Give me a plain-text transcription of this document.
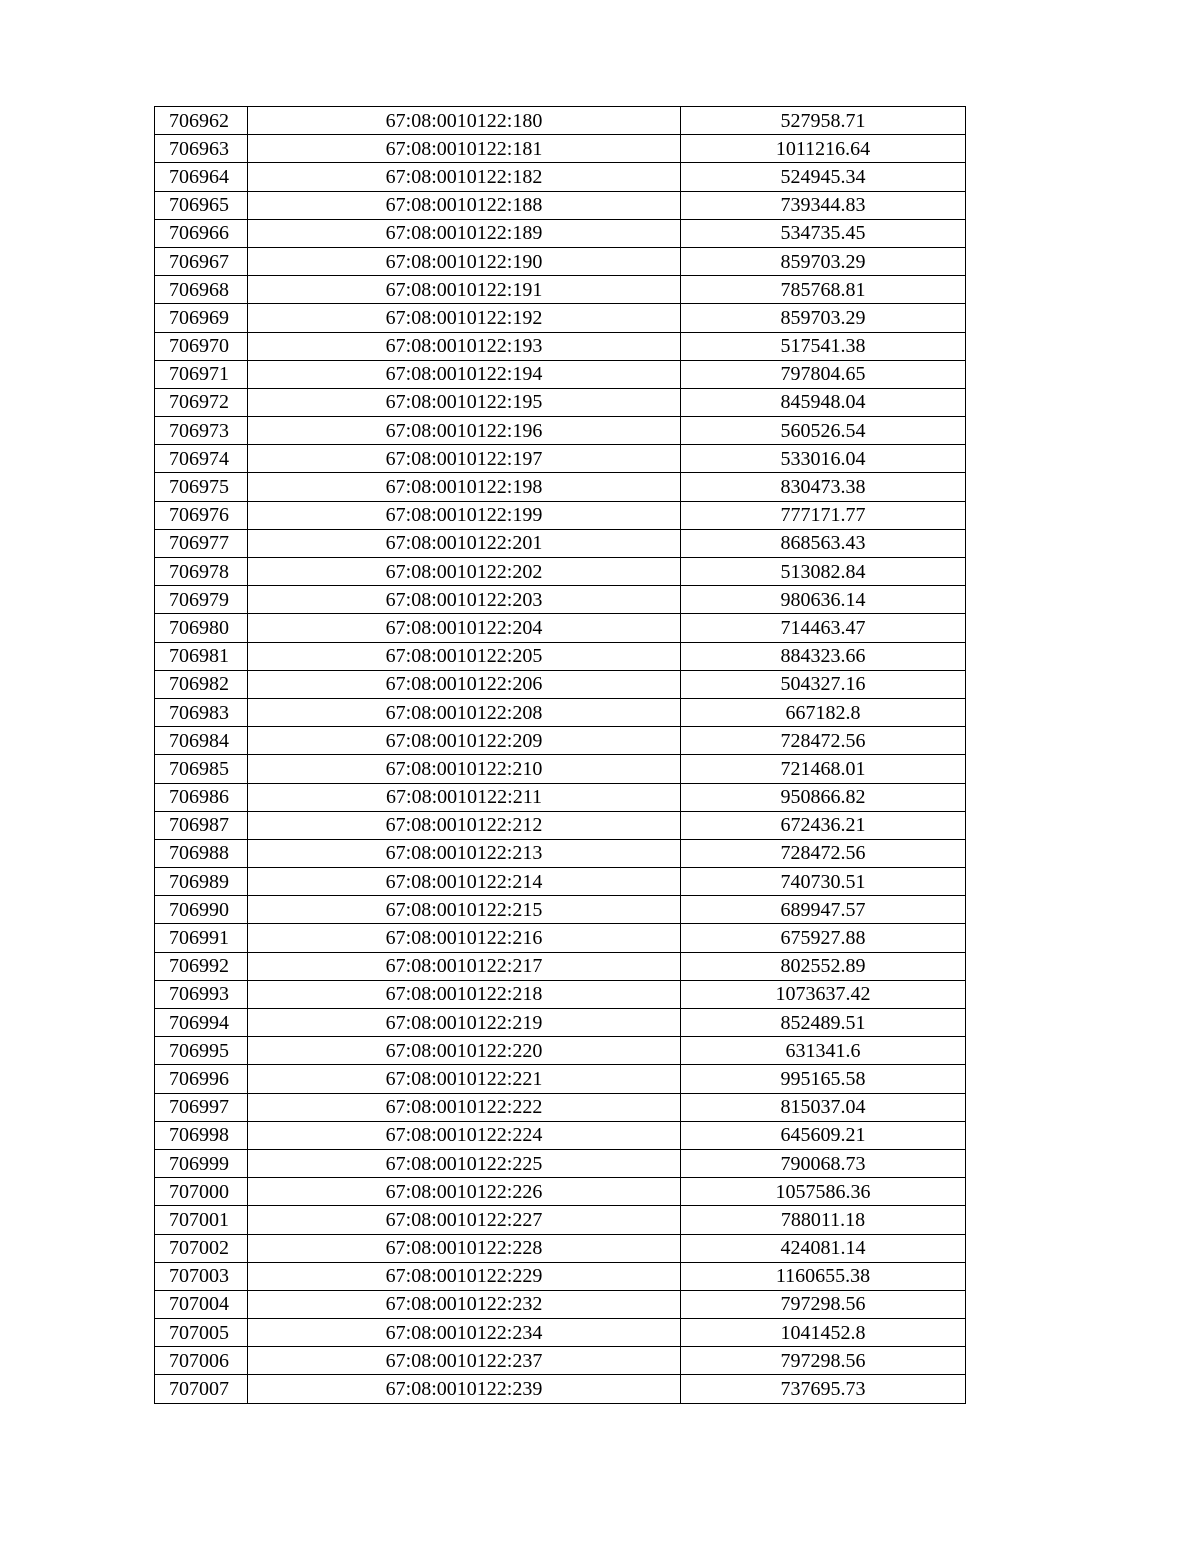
706962	67:08:0010122:180	527958.71
706963	67:08:0010122:181	1011216.64
706964	67:08:0010122:182	524945.34
706965	67:08:0010122:188	739344.83
706966	67:08:0010122:189	534735.45
706967	67:08:0010122:190	859703.29
706968	67:08:0010122:191	785768.81
706969	67:08:0010122:192	859703.29
706970	67:08:0010122:193	517541.38
706971	67:08:0010122:194	797804.65
706972	67:08:0010122:195	845948.04
706973	67:08:0010122:196	560526.54
706974	67:08:0010122:197	533016.04
706975	67:08:0010122:198	830473.38
706976	67:08:0010122:199	777171.77
706977	67:08:0010122:201	868563.43
706978	67:08:0010122:202	513082.84
706979	67:08:0010122:203	980636.14
706980	67:08:0010122:204	714463.47
706981	67:08:0010122:205	884323.66
706982	67:08:0010122:206	504327.16
706983	67:08:0010122:208	667182.8
706984	67:08:0010122:209	728472.56
706985	67:08:0010122:210	721468.01
706986	67:08:0010122:211	950866.82
706987	67:08:0010122:212	672436.21
706988	67:08:0010122:213	728472.56
706989	67:08:0010122:214	740730.51
706990	67:08:0010122:215	689947.57
706991	67:08:0010122:216	675927.88
706992	67:08:0010122:217	802552.89
706993	67:08:0010122:218	1073637.42
706994	67:08:0010122:219	852489.51
706995	67:08:0010122:220	631341.6
706996	67:08:0010122:221	995165.58
706997	67:08:0010122:222	815037.04
706998	67:08:0010122:224	645609.21
706999	67:08:0010122:225	790068.73
707000	67:08:0010122:226	1057586.36
707001	67:08:0010122:227	788011.18
707002	67:08:0010122:228	424081.14
707003	67:08:0010122:229	1160655.38
707004	67:08:0010122:232	797298.56
707005	67:08:0010122:234	1041452.8
707006	67:08:0010122:237	797298.56
707007	67:08:0010122:239	737695.73
